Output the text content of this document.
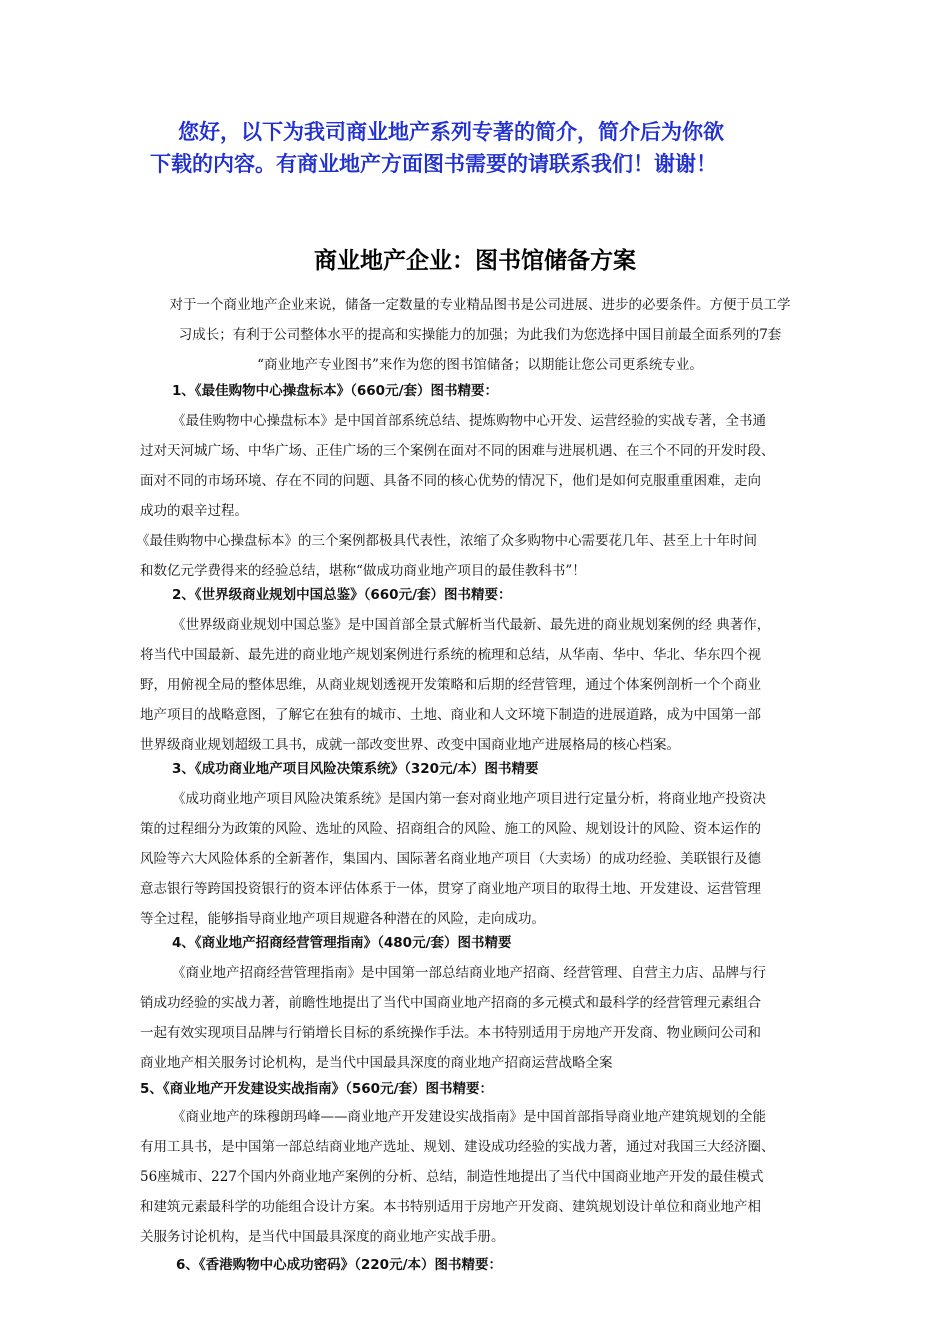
您好，以下为我司商业地产系列专著的简介，简介后为你欲
下载的内容。有商业地产方面图书需要的请联系我们！谢谢！
商业地产企业：图书馆储备方案
对于一个商业地产企业来说，储备一定数量的专业精品图书是公司进展、进步的必要条件。方便于员工学
习成长；有利于公司整体水平的提高和实操能力的加强；为此我们为您选择中国目前最全面系列的7套
“商业地产专业图书”来作为您的图书馆储备；以期能让您公司更系统专业。
1、《最佳购物中心操盘标本》（660元/套）图书精要：
《最佳购物中心操盘标本》是中国首部系统总结、提炼购物中心开发、运营经验的实战专著，全书通
过对天河城广场、中华广场、正佳广场的三个案例在面对不同的困难与进展机遇、在三个不同的开发时段、
面对不同的市场环境、存在不同的问题、具备不同的核心优势的情况下，他们是如何克服重重困难，走向
成功的艰辛过程。
《最佳购物中心操盘标本》的三个案例都极具代表性，浓缩了众多购物中心需要花几年、甚至上十年时间
和数亿元学费得来的经验总结，堪称“做成功商业地产项目的最佳教科书”！
2、《世界级商业规划中国总鉴》（660元/套）图书精要：
《世界级商业规划中国总鉴》是中国首部全景式解析当代最新、最先进的商业规划案例的经 典著作，
将当代中国最新、最先进的商业地产规划案例进行系统的梳理和总结，从华南、华中、华北、华东四个视
野，用俯视全局的整体思维，从商业规划透视开发策略和后期的经营管理，通过个体案例剖析一个个商业
地产项目的战略意图，了解它在独有的城市、土地、商业和人文环境下制造的进展道路，成为中国第一部
世界级商业规划超级工具书，成就一部改变世界、改变中国商业地产进展格局的核心档案。
3、《成功商业地产项目风险决策系统》（320元/本）图书精要
《成功商业地产项目风险决策系统》是国内第一套对商业地产项目进行定量分析，将商业地产投资决
策的过程细分为政策的风险、选址的风险、招商组合的风险、施工的风险、规划设计的风险、资本运作的
风险等六大风险体系的全新著作，集国内、国际著名商业地产项目（大卖场）的成功经验、美联银行及德
意志银行等跨国投资银行的资本评估体系于一体，贯穿了商业地产项目的取得土地、开发建设、运营管理
等全过程，能够指导商业地产项目规避各种潜在的风险，走向成功。
4、《商业地产招商经营管理指南》（480元/套）图书精要
《商业地产招商经营管理指南》是中国第一部总结商业地产招商、经营管理、自营主力店、品牌与行
销成功经验的实战力著，前瞻性地提出了当代中国商业地产招商的多元模式和最科学的经营管理元素组合
一起有效实现项目品牌与行销增长目标的系统操作手法。本书特别适用于房地产开发商、物业顾问公司和
商业地产相关服务讨论机构，是当代中国最具深度的商业地产招商运营战略全案
5、《商业地产开发建设实战指南》（560元/套）图书精要：
《商业地产的珠穆朗玛峰——商业地产开发建设实战指南》是中国首部指导商业地产建筑规划的全能
有用工具书，是中国第一部总结商业地产选址、规划、建设成功经验的实战力著，通过对我国三大经济圈、
56座城市、227个国内外商业地产案例的分析、总结，制造性地提出了当代中国商业地产开发的最佳模式
和建筑元素最科学的功能组合设计方案。本书特别适用于房地产开发商、建筑规划设计单位和商业地产相
关服务讨论机构，是当代中国最具深度的商业地产实战手册。
6、《香港购物中心成功密码》（220元/本）图书精要：
